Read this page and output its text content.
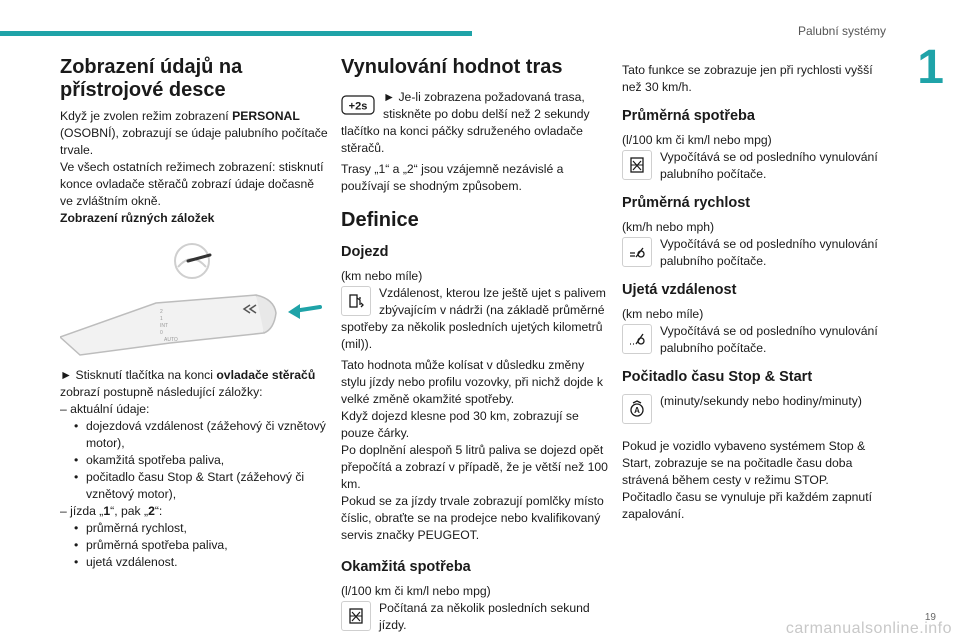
Palubní systémy
1
Zobrazení údajů na přístrojové desce

Když je zvolen režim zobrazení PERSONAL (OSOBNÍ), zobrazují se údaje palubního počítače trvale.

Ve všech ostatních režimech zobrazení: stisknutí konce ovladače stěračů zobrazí údaje dočasně ve zvláštním okně.

Zobrazení různých záložek

2
1
INT
0
AUTO

► Stisknutí tlačítka na konci ovladače stěračů zobrazí postupně následující záložky:

– aktuální údaje:

• dojezdová vzdálenost (zážehový či vznětový motor),
• okamžitá spotřeba paliva,
• počitadlo času Stop & Start (zážehový či vznětový motor),

– jízda „1“, pak „2“:

• průměrná rychlost,
• průměrná spotřeba paliva,
• ujetá vzdálenost.
Vynulování hodnot tras
+2s

► Je-li zobrazena požadovaná trasa, stiskněte po dobu delší než 2 sekundy tlačítko na konci páčky sdruženého ovladače stěračů.

Trasy „1“ a „2“ jsou vzájemně nezávislé a používají se shodným způsobem.

Definice
Dojezd

(km nebo míle)

Vzdálenost, kterou lze ještě ujet s palivem zbývajícím v nádrži (na základě průměrné spotřeby za několik posledních ujetých kilometrů (mil)).

Tato hodnota může kolísat v důsledku změny stylu jízdy nebo profilu vozovky, při nichž dojde k velké změně okamžité spotřeby.

Když dojezd klesne pod 30 km, zobrazují se pouze čárky.

Po doplnění alespoň 5 litrů paliva se dojezd opět přepočítá a zobrazí v případě, že je větší než 100 km.

Pokud se za jízdy trvale zobrazují pomlčky místo číslic, obraťte se na prodejce nebo kvalifikovaný servis značky PEUGEOT.

Okamžitá spotřeba

(l/100 km či km/l nebo mpg)

Počítaná za několik posledních sekund jízdy.

Tato funkce se zobrazuje jen při rychlosti vyšší než 30 km/h.

Průměrná spotřeba

(l/100 km či km/l nebo mpg)

Vypočítává se od posledního vynulování palubního počítače.

Průměrná rychlost

(km/h nebo mph)

Vypočítává se od posledního vynulování palubního počítače.

Ujetá vzdálenost

(km nebo míle)

Vypočítává se od posledního vynulování palubního počítače.

Počitadlo času Stop & Start
A

(minuty/sekundy nebo hodiny/minuty)

Pokud je vozidlo vybaveno systémem Stop & Start, zobrazuje se na počitadle času doba strávená během cesty v režimu STOP.

Počitadlo času se vynuluje při každém zapnutí zapalování.

19
carmanualsonline.info
